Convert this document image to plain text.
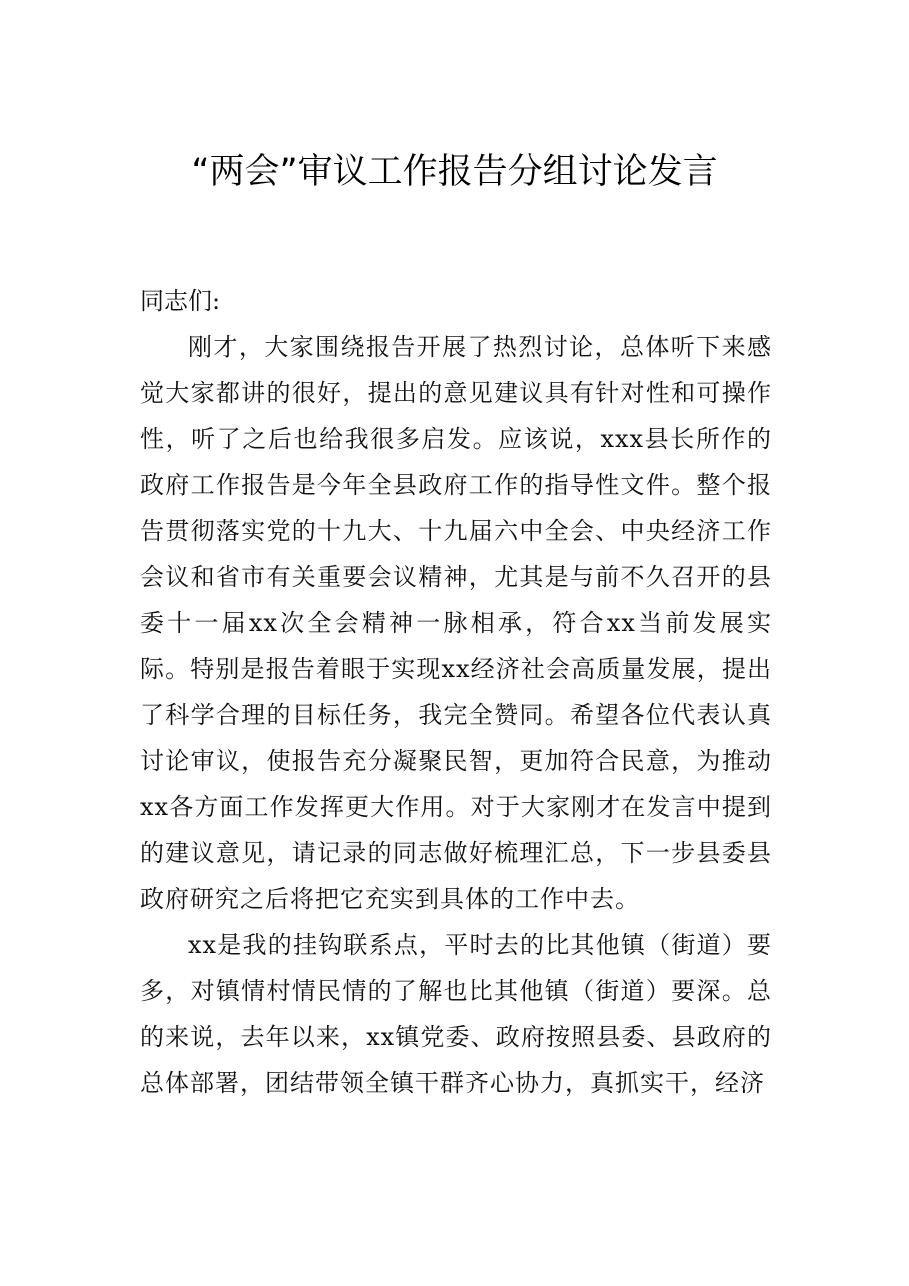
“两会”审议工作报告分组讨论发言

同志们:

刚才，大家围绕报告开展了热烈讨论，总体听下来感觉大家都讲的很好，提出的意见建议具有针对性和可操作性，听了之后也给我很多启发。应该说，xxx县长所作的政府工作报告是今年全县政府工作的指导性文件。整个报告贯彻落实党的十九大、十九届六中全会、中央经济工作会议和省市有关重要会议精神，尤其是与前不久召开的县委十一届xx次全会精神一脉相承，符合xx当前发展实际。特别是报告着眼于实现xx经济社会高质量发展，提出了科学合理的目标任务，我完全赞同。希望各位代表认真讨论审议，使报告充分凝聚民智，更加符合民意，为推动xx各方面工作发挥更大作用。对于大家刚才在发言中提到的建议意见，请记录的同志做好梳理汇总，下一步县委县政府研究之后将把它充实到具体的工作中去。

xx是我的挂钩联系点，平时去的比其他镇（街道）要多，对镇情村情民情的了解也比其他镇（街道）要深。总的来说，去年以来，xx镇党委、政府按照县委、县政府的总体部署，团结带领全镇干群齐心协力，真抓实干，经济
